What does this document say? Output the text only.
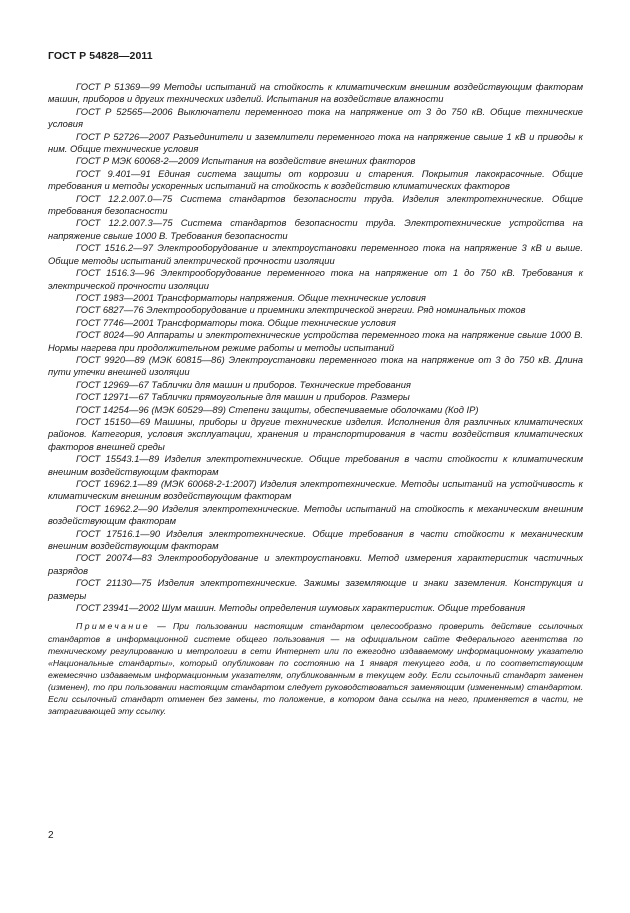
ГОСТ Р 54828—2011

ГОСТ Р 51369—99 Методы испытаний на стойкость к климатическим внешним воздействующим факторам машин, приборов и других технических изделий. Испытания на воздействие влажности

ГОСТ Р 52565—2006 Выключатели переменного тока на напряжение от 3 до 750 кВ. Общие технические условия

ГОСТ Р 52726—2007 Разъединители и заземлители переменного тока на напряжение свыше 1 кВ и приводы к ним. Общие технические условия

ГОСТ Р МЭК 60068-2—2009 Испытания на воздействие внешних факторов

ГОСТ 9.401—91 Единая система защиты от коррозии и старения. Покрытия лакокрасочные. Общие требования и методы ускоренных испытаний на стойкость к воздействию климатических факторов

ГОСТ 12.2.007.0—75 Система стандартов безопасности труда. Изделия электротехнические. Общие требования безопасности

ГОСТ 12.2.007.3—75 Система стандартов безопасности труда. Электротехнические устройства на напряжение свыше 1000 В. Требования безопасности

ГОСТ 1516.2—97 Электрооборудование и электроустановки переменного тока на напряжение 3 кВ и выше. Общие методы испытаний электрической прочности изоляции

ГОСТ 1516.3—96 Электрооборудование переменного тока на напряжение от 1 до 750 кВ. Требования к электрической прочности изоляции

ГОСТ 1983—2001 Трансформаторы напряжения. Общие технические условия

ГОСТ 6827—76 Электрооборудование и приемники электрической энергии. Ряд номинальных токов

ГОСТ 7746—2001 Трансформаторы тока. Общие технические условия

ГОСТ 8024—90 Аппараты и электротехнические устройства переменного тока на напряжение свыше 1000 В. Нормы нагрева при продолжительном режиме работы и методы испытаний

ГОСТ 9920—89 (МЭК 60815—86) Электроустановки переменного тока на напряжение от 3 до 750 кВ. Длина пути утечки внешней изоляции

ГОСТ 12969—67 Таблички для машин и приборов. Технические требования

ГОСТ 12971—67 Таблички прямоугольные для машин и приборов. Размеры

ГОСТ 14254—96 (МЭК 60529—89) Степени защиты, обеспечиваемые оболочками (Код IP)

ГОСТ 15150—69 Машины, приборы и другие технические изделия. Исполнения для различных климатических районов. Категория, условия эксплуатации, хранения и транспортирования в части воздействия климатических факторов внешней среды

ГОСТ 15543.1—89 Изделия электротехнические. Общие требования в части стойкости к климатическим внешним воздействующим факторам

ГОСТ 16962.1—89 (МЭК 60068-2-1:2007) Изделия электротехнические. Методы испытаний на устойчивость к климатическим внешним воздействующим факторам

ГОСТ 16962.2—90 Изделия электротехнические. Методы испытаний на стойкость к механическим внешним воздействующим факторам

ГОСТ 17516.1—90 Изделия электротехнические. Общие требования в части стойкости к механическим внешним воздействующим факторам

ГОСТ 20074—83 Электрооборудование и электроустановки. Метод измерения характеристик частичных разрядов

ГОСТ 21130—75 Изделия электротехнические. Зажимы заземляющие и знаки заземления. Конструкция и размеры

ГОСТ 23941—2002 Шум машин. Методы определения шумовых характеристик. Общие требования

Примечание — При пользовании настоящим стандартом целесообразно проверить действие ссылочных стандартов в информационной системе общего пользования — на официальном сайте Федерального агентства по техническому регулированию и метрологии в сети Интернет или по ежегодно издаваемому информационному указателю «Национальные стандарты», который опубликован по состоянию на 1 января текущего года, и по соответствующим ежемесячно издаваемым информационным указателям, опубликованным в текущем году. Если ссылочный стандарт заменен (изменен), то при пользовании настоящим стандартом следует руководствоваться заменяющим (измененным) стандартом. Если ссылочный стандарт отменен без замены, то положение, в котором дана ссылка на него, применяется в части, не затрагивающей эту ссылку.

2
